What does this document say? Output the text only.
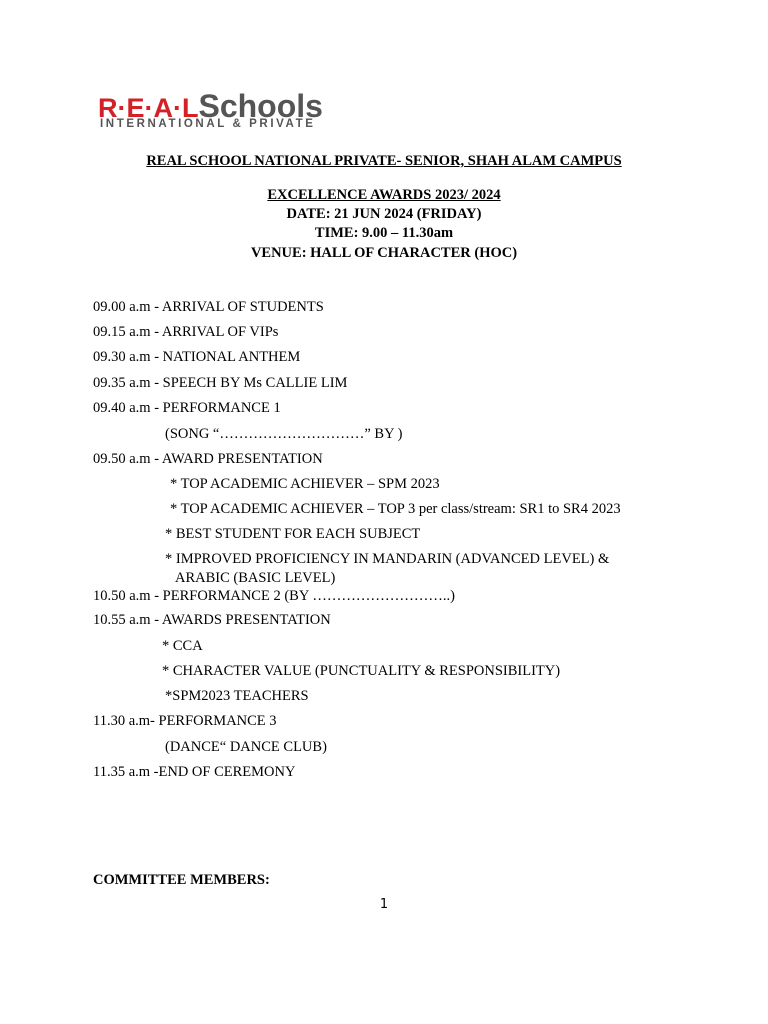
R·E·A·LSchools
INTERNATIONAL & PRIVATE
REAL SCHOOL NATIONAL PRIVATE- SENIOR, SHAH ALAM CAMPUS
EXCELLENCE AWARDS 2023/ 2024
DATE: 21 JUN 2024 (FRIDAY)
TIME: 9.00 – 11.30am
VENUE: HALL OF CHARACTER (HOC)
09.00 a.m - ARRIVAL OF STUDENTS
09.15 a.m - ARRIVAL OF VIPs
09.30 a.m - NATIONAL ANTHEM
09.35 a.m - SPEECH BY Ms CALLIE LIM
09.40 a.m - PERFORMANCE 1
(SONG “…………………………” BY )
09.50 a.m - AWARD PRESENTATION
* TOP ACADEMIC ACHIEVER – SPM 2023
* TOP ACADEMIC ACHIEVER – TOP 3 per class/stream: SR1 to SR4 2023
* BEST STUDENT FOR EACH SUBJECT
* IMPROVED PROFICIENCY IN MANDARIN (ADVANCED LEVEL) &
ARABIC (BASIC LEVEL)
10.50 a.m - PERFORMANCE 2 (BY ………………………..)
10.55 a.m - AWARDS PRESENTATION
* CCA
* CHARACTER VALUE (PUNCTUALITY & RESPONSIBILITY)
*SPM2023 TEACHERS
11.30 a.m- PERFORMANCE 3
(DANCE“ DANCE CLUB)
11.35 a.m -END OF CEREMONY
COMMITTEE MEMBERS:
1
